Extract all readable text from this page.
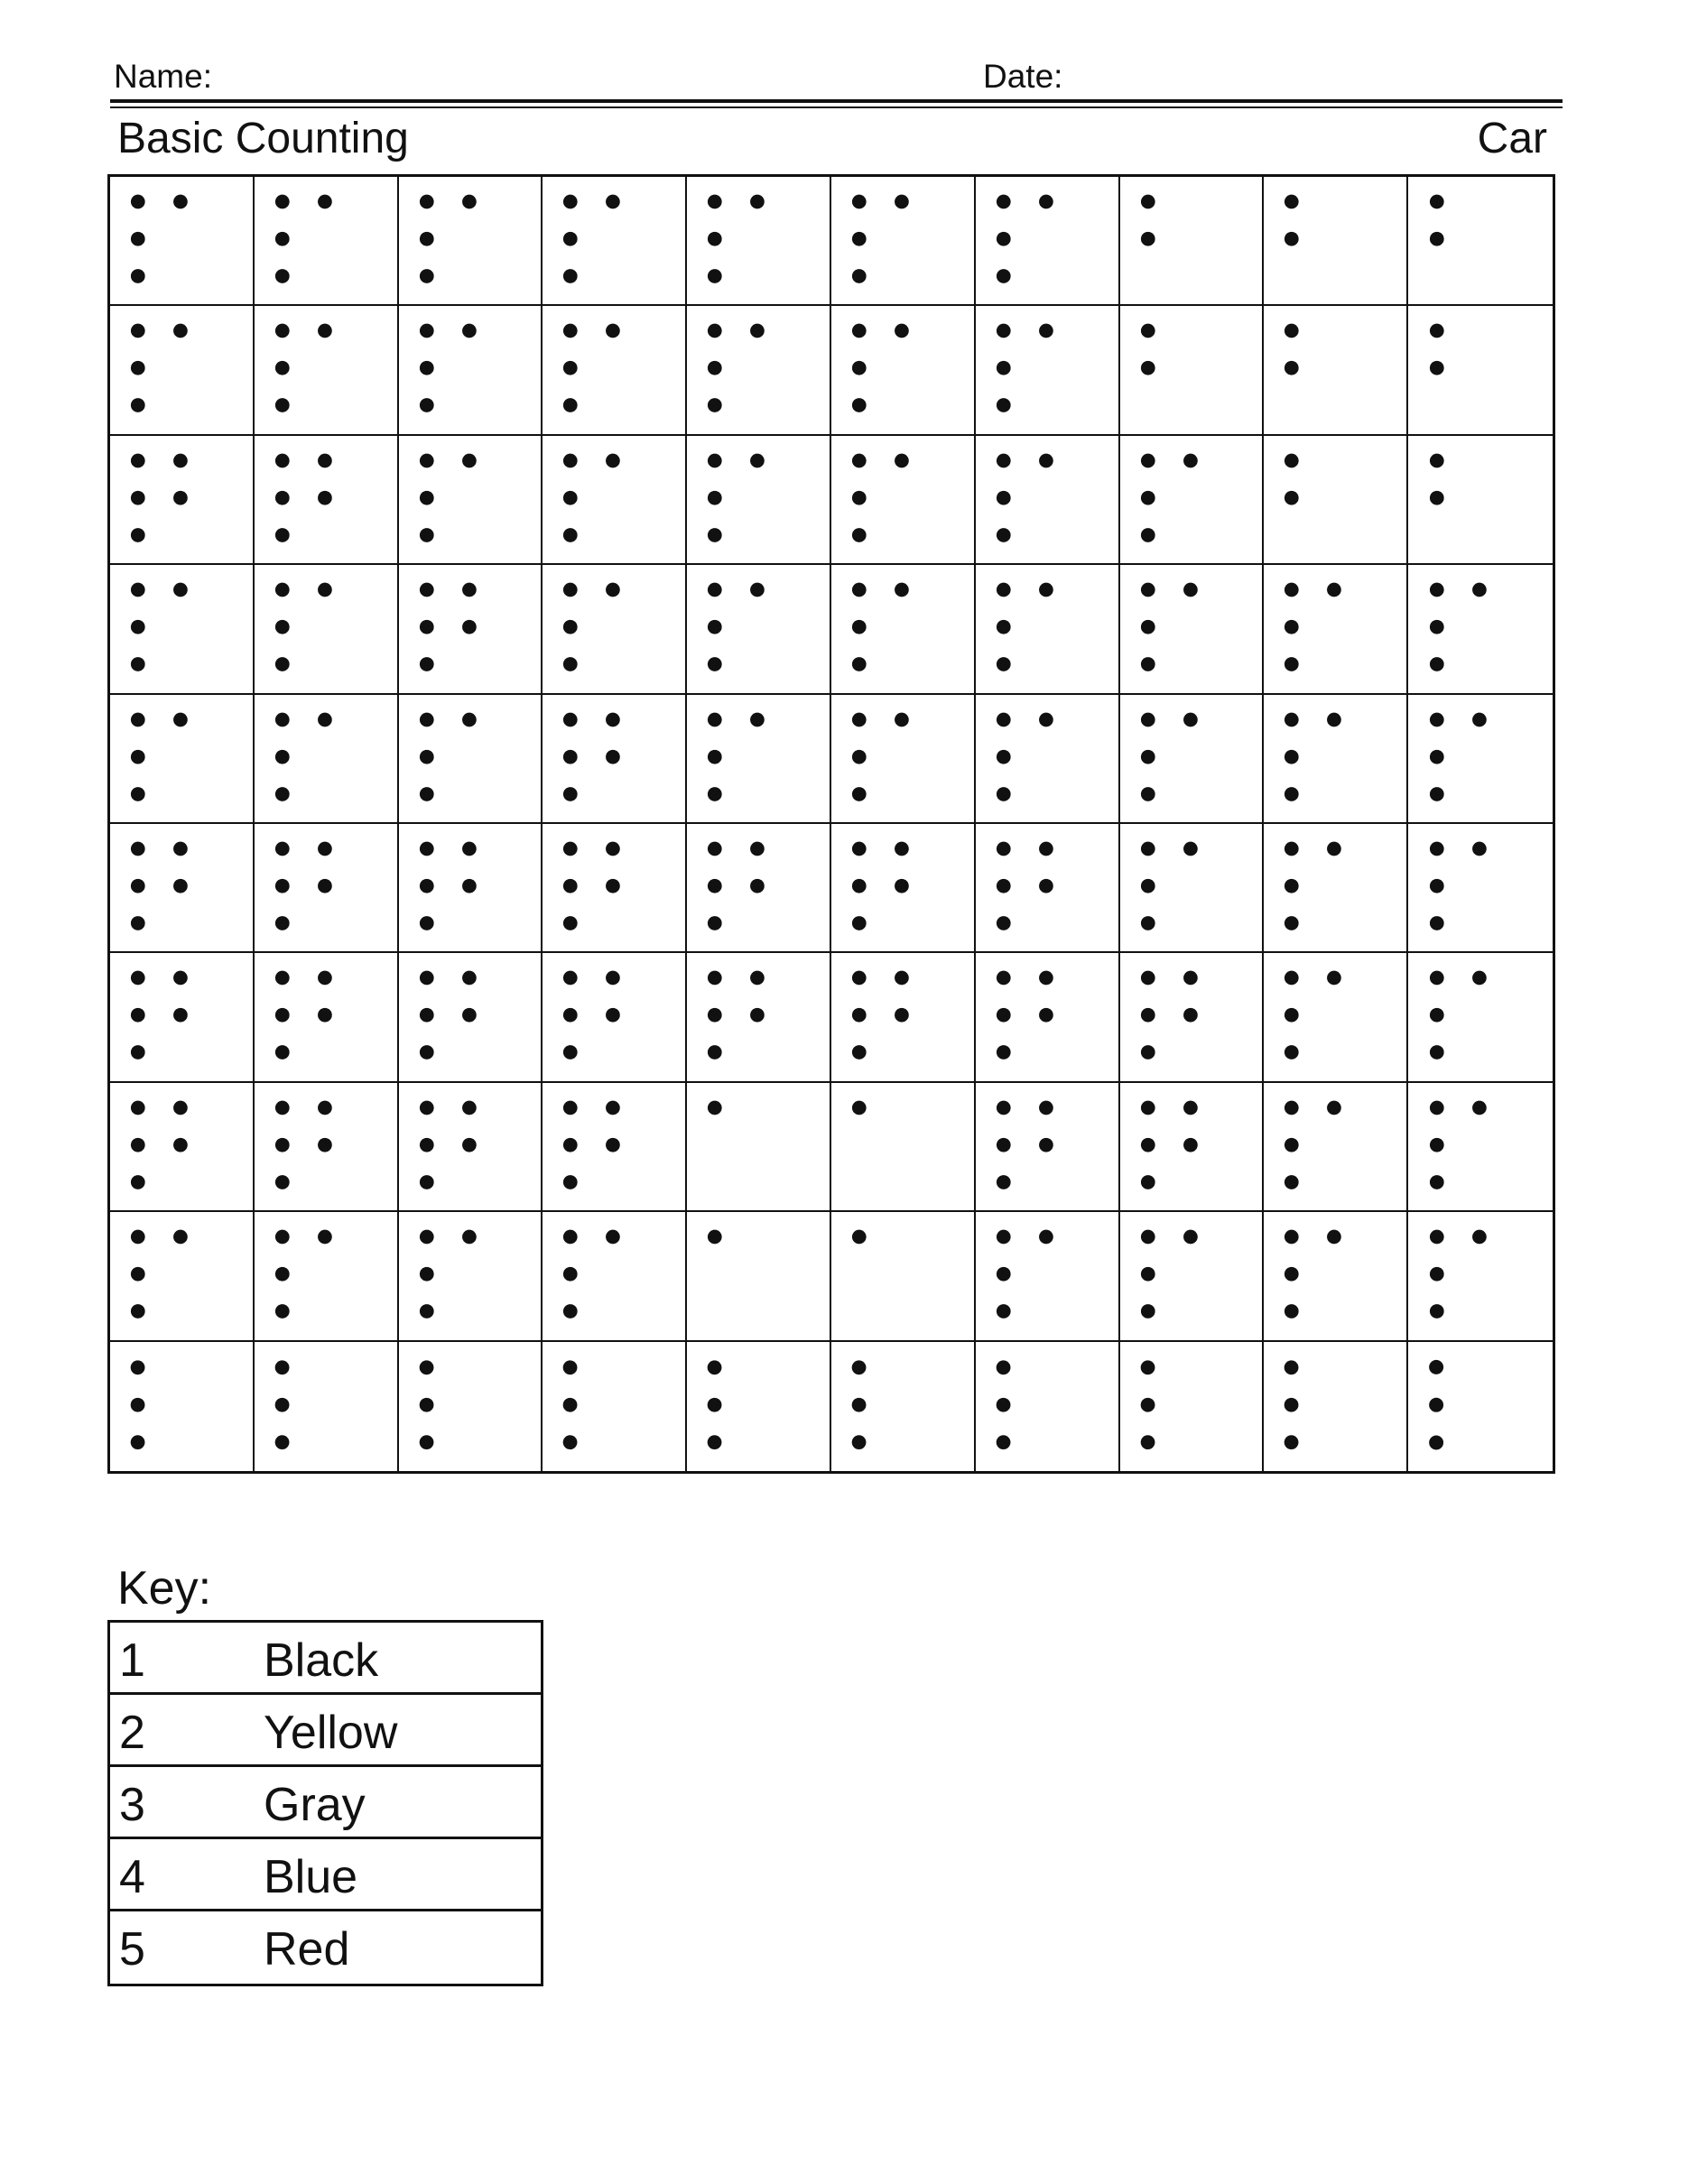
Name:	Date:
Basic Counting	Car
Key:
1	Black
2	Yellow
3	Gray
4	Blue
5	Red
